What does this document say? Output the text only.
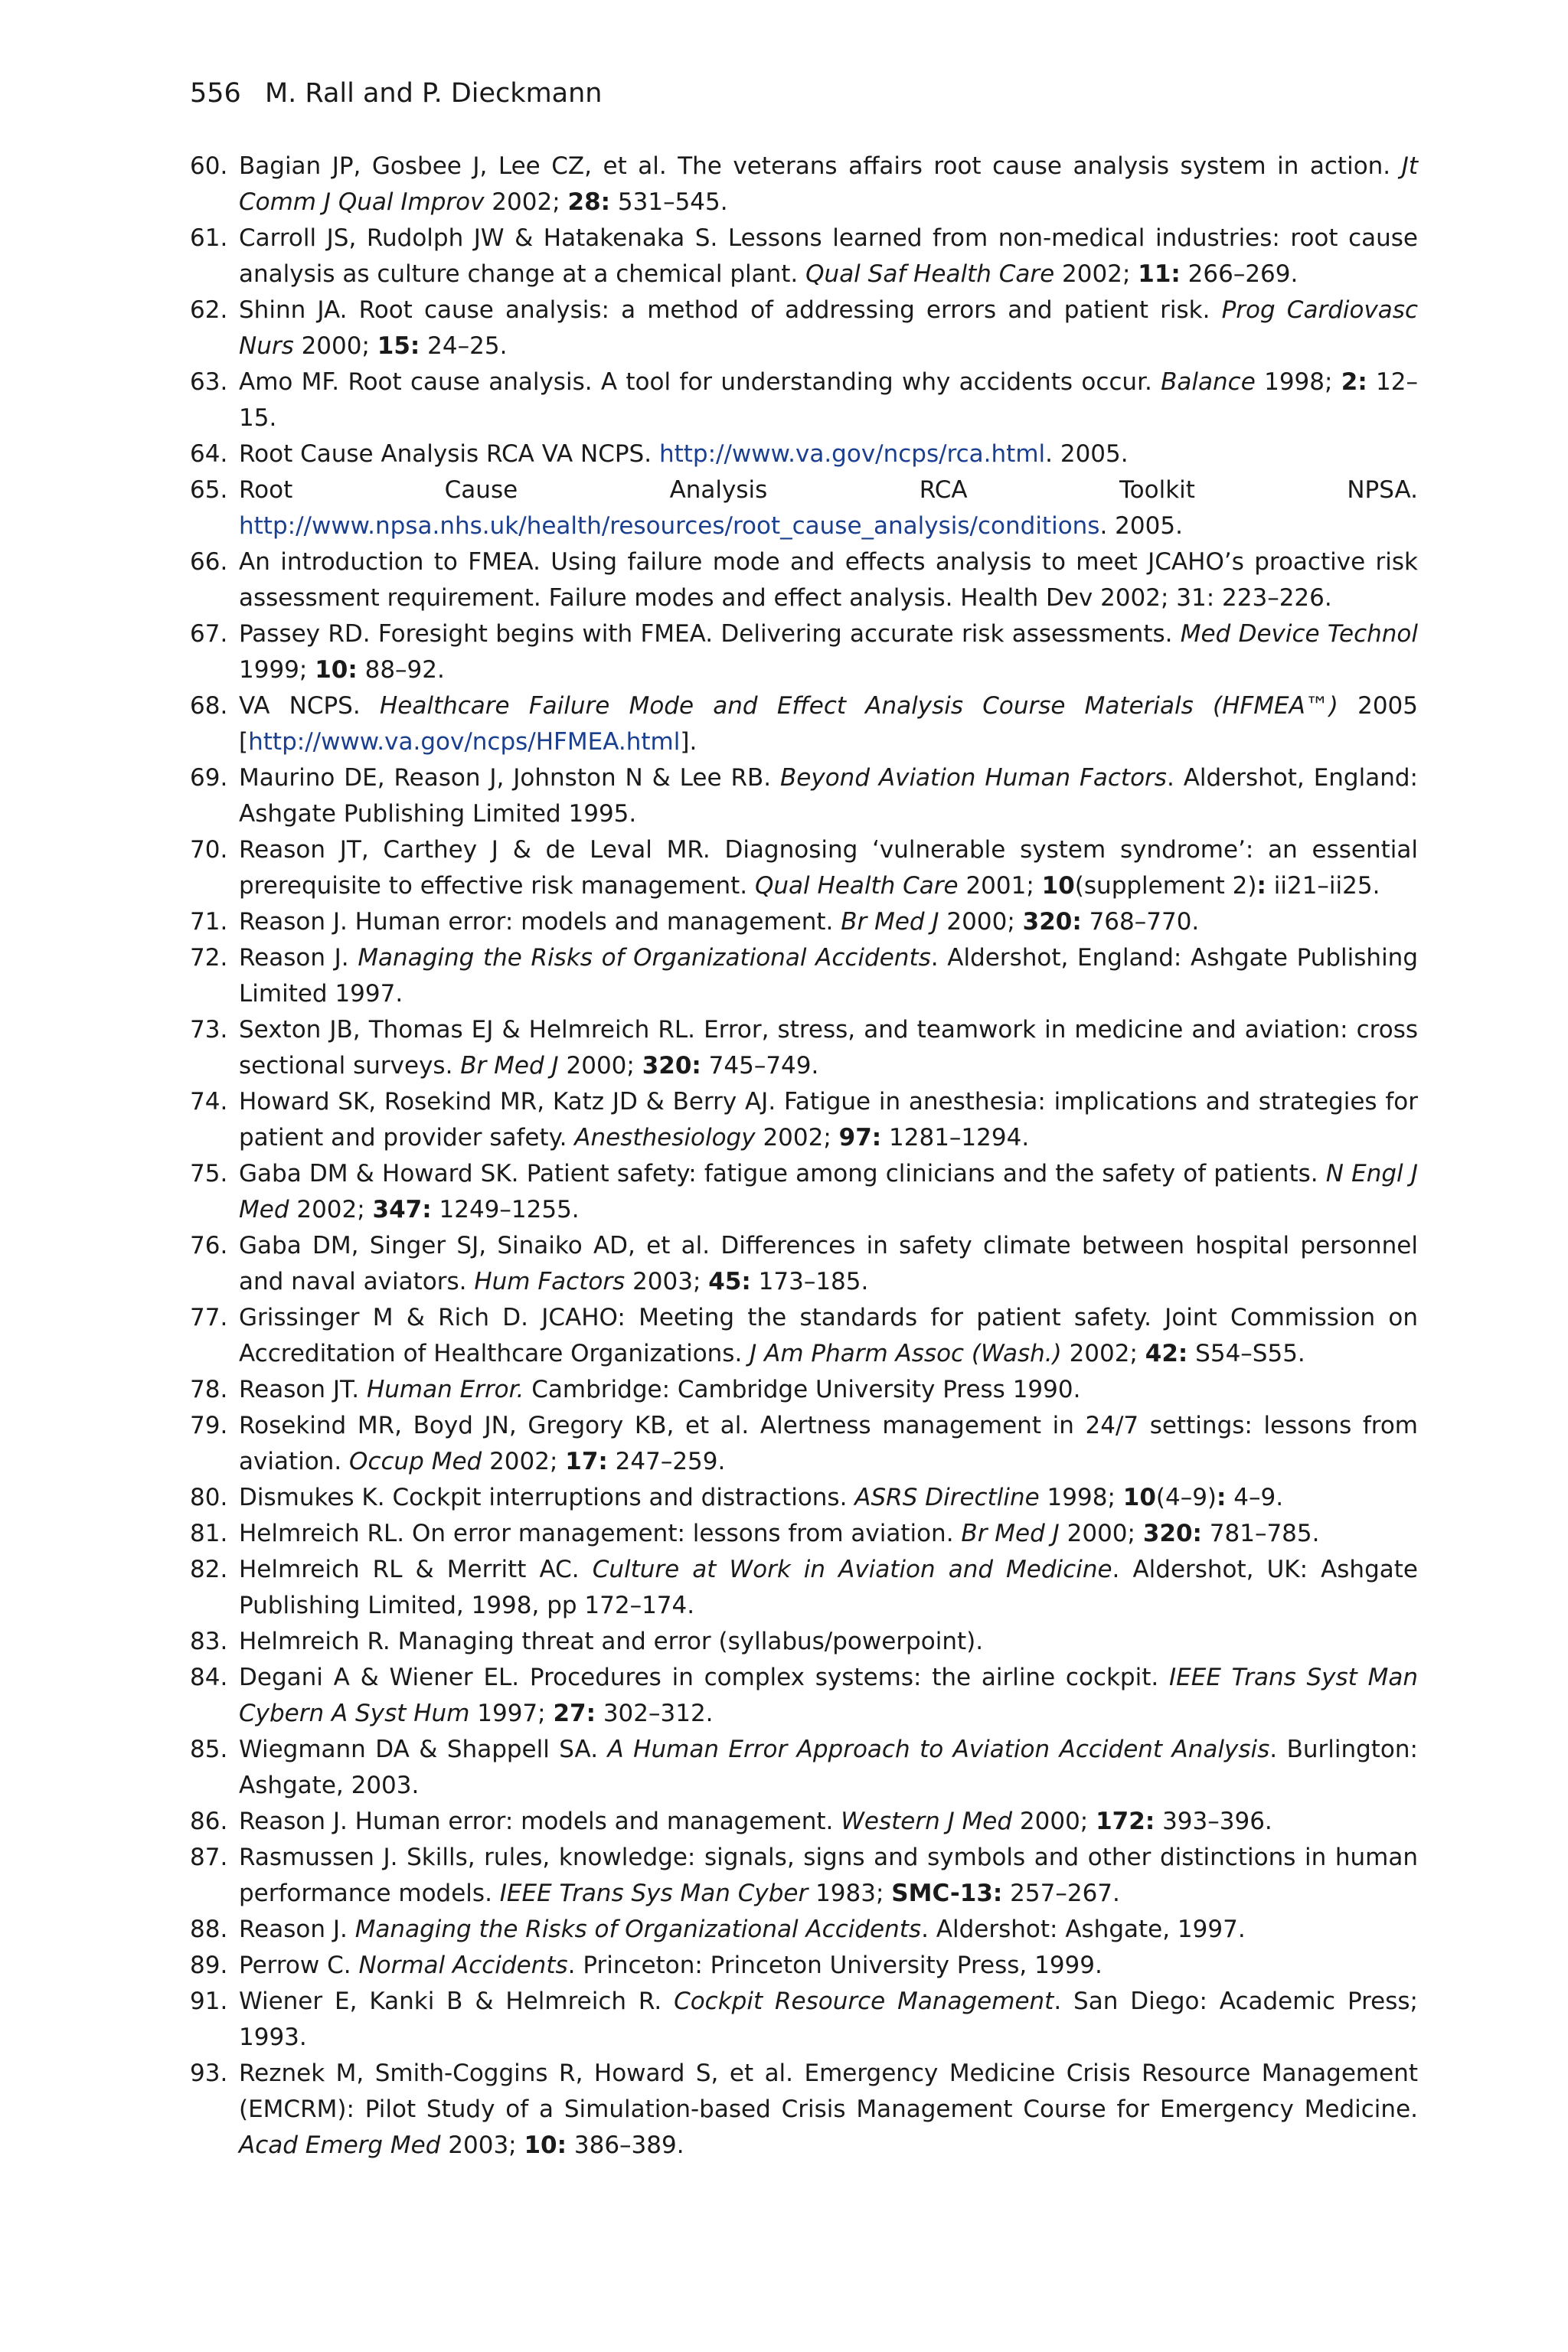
556 M. Rall and P. Dieckmann
60. Bagian JP, Gosbee J, Lee CZ, et al. The veterans affairs root cause analysis system in action. Jt Comm J Qual Improv 2002; 28: 531–545.
61. Carroll JS, Rudolph JW & Hatakenaka S. Lessons learned from non-medical industries: root cause analysis as culture change at a chemical plant. Qual Saf Health Care 2002; 11: 266–269.
62. Shinn JA. Root cause analysis: a method of addressing errors and patient risk. Prog Cardiovasc Nurs 2000; 15: 24–25.
63. Amo MF. Root cause analysis. A tool for understanding why accidents occur. Balance 1998; 2: 12–15.
64. Root Cause Analysis RCA VA NCPS. http://www.va.gov/ncps/rca.html. 2005.
65. Root Cause Analysis RCA Toolkit NPSA. http://www.npsa.nhs.uk/health/resources/root_cause_analysis/conditions. 2005.
66. An introduction to FMEA. Using failure mode and effects analysis to meet JCAHO’s proactive risk assessment requirement. Failure modes and effect analysis. Health Dev 2002; 31: 223–226.
67. Passey RD. Foresight begins with FMEA. Delivering accurate risk assessments. Med Device Technol 1999; 10: 88–92.
68. VA NCPS. Healthcare Failure Mode and Effect Analysis Course Materials (HFMEA™) 2005 [http://www.va.gov/ncps/HFMEA.html].
69. Maurino DE, Reason J, Johnston N & Lee RB. Beyond Aviation Human Factors. Aldershot, England: Ashgate Publishing Limited 1995.
70. Reason JT, Carthey J & de Leval MR. Diagnosing ‘vulnerable system syndrome’: an essential prerequisite to effective risk management. Qual Health Care 2001; 10(supplement 2): ii21–ii25.
71. Reason J. Human error: models and management. Br Med J 2000; 320: 768–770.
72. Reason J. Managing the Risks of Organizational Accidents. Aldershot, England: Ashgate Publishing Limited 1997.
73. Sexton JB, Thomas EJ & Helmreich RL. Error, stress, and teamwork in medicine and aviation: cross sectional surveys. Br Med J 2000; 320: 745–749.
74. Howard SK, Rosekind MR, Katz JD & Berry AJ. Fatigue in anesthesia: implications and strategies for patient and provider safety. Anesthesiology 2002; 97: 1281–1294.
75. Gaba DM & Howard SK. Patient safety: fatigue among clinicians and the safety of patients. N Engl J Med 2002; 347: 1249–1255.
76. Gaba DM, Singer SJ, Sinaiko AD, et al. Differences in safety climate between hospital personnel and naval aviators. Hum Factors 2003; 45: 173–185.
77. Grissinger M & Rich D. JCAHO: Meeting the standards for patient safety. Joint Commission on Accreditation of Healthcare Organizations. J Am Pharm Assoc (Wash.) 2002; 42: S54–S55.
78. Reason JT. Human Error. Cambridge: Cambridge University Press 1990.
79. Rosekind MR, Boyd JN, Gregory KB, et al. Alertness management in 24/7 settings: lessons from aviation. Occup Med 2002; 17: 247–259.
80. Dismukes K. Cockpit interruptions and distractions. ASRS Directline 1998; 10(4–9): 4–9.
81. Helmreich RL. On error management: lessons from aviation. Br Med J 2000; 320: 781–785.
82. Helmreich RL & Merritt AC. Culture at Work in Aviation and Medicine. Aldershot, UK: Ashgate Publishing Limited, 1998, pp 172–174.
83. Helmreich R. Managing threat and error (syllabus/powerpoint).
84. Degani A & Wiener EL. Procedures in complex systems: the airline cockpit. IEEE Trans Syst Man Cybern A Syst Hum 1997; 27: 302–312.
85. Wiegmann DA & Shappell SA. A Human Error Approach to Aviation Accident Analysis. Burlington: Ashgate, 2003.
86. Reason J. Human error: models and management. Western J Med 2000; 172: 393–396.
87. Rasmussen J. Skills, rules, knowledge: signals, signs and symbols and other distinctions in human performance models. IEEE Trans Sys Man Cyber 1983; SMC-13: 257–267.
88. Reason J. Managing the Risks of Organizational Accidents. Aldershot: Ashgate, 1997.
89. Perrow C. Normal Accidents. Princeton: Princeton University Press, 1999.
91. Wiener E, Kanki B & Helmreich R. Cockpit Resource Management. San Diego: Academic Press; 1993.
93. Reznek M, Smith-Coggins R, Howard S, et al. Emergency Medicine Crisis Resource Management (EMCRM): Pilot Study of a Simulation-based Crisis Management Course for Emergency Medicine. Acad Emerg Med 2003; 10: 386–389.
